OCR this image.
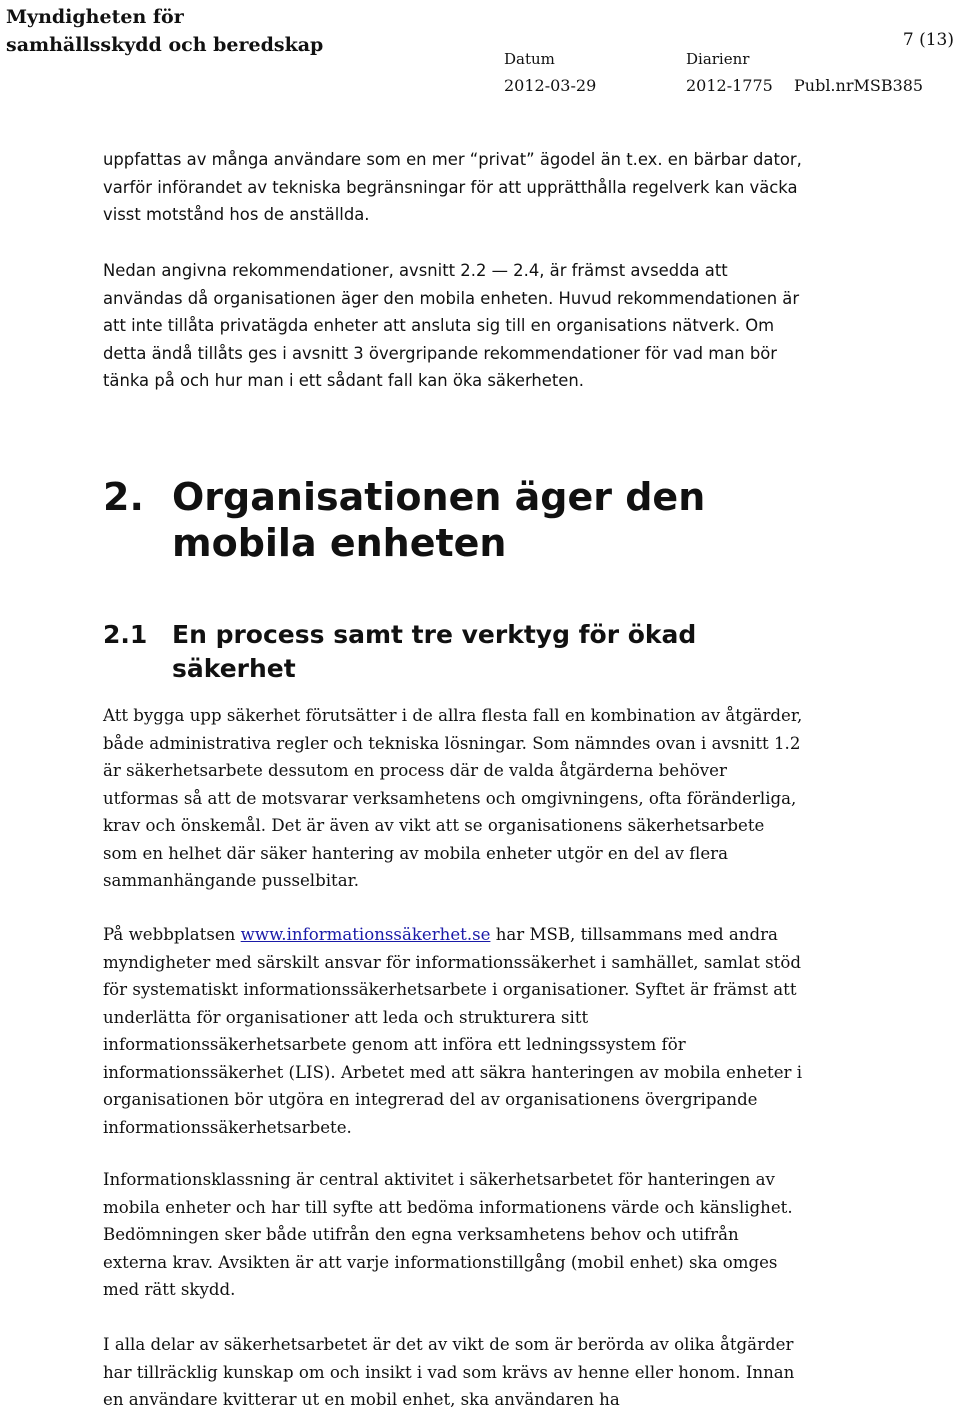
Myndigheten för samhällsskydd och beredskap	7 (13)
Datum
2012-03-29
Diarienr
2012-1775 Publ.nrMSB385

uppfattas av många användare som en mer “privat” ägodel än t.ex. en bärbar dator, varför införandet av tekniska begränsningar för att upprätthålla regelverk kan väcka visst motstånd hos de anställda.

Nedan angivna rekommendationer, avsnitt 2.2 — 2.4, är främst avsedda att användas då organisationen äger den mobila enheten. Huvud rekommendationen är att inte tillåta privatägda enheter att ansluta sig till en organisations nätverk. Om detta ändå tillåts ges i avsnitt 3 övergripande rekommendationer för vad man bör tänka på och hur man i ett sådant fall kan öka säkerheten.

2. Organisationen äger den mobila enheten
2.1 En process samt tre verktyg för ökad säkerhet

Att bygga upp säkerhet förutsätter i de allra flesta fall en kombination av åtgärder, både administrativa regler och tekniska lösningar. Som nämndes ovan i avsnitt 1.2 är säkerhetsarbete dessutom en process där de valda åtgärderna behöver utformas så att de motsvarar verksamhetens och omgivningens, ofta föränderliga, krav och önskemål. Det är även av vikt att se organisationens säkerhetsarbete som en helhet där säker hantering av mobila enheter utgör en del av flera sammanhängande pusselbitar.

På webbplatsen www.informationssäkerhet.se har MSB, tillsammans med andra myndigheter med särskilt ansvar för informationssäkerhet i samhället, samlat stöd för systematiskt informationssäkerhetsarbete i organisationer. Syftet är främst att underlätta för organisationer att leda och strukturera sitt informationssäkerhetsarbete genom att införa ett ledningssystem för informationssäkerhet (LIS). Arbetet med att säkra hanteringen av mobila enheter i organisationen bör utgöra en integrerad del av organisationens övergripande informationssäkerhetsarbete.

Informationsklassning är central aktivitet i säkerhetsarbetet för hanteringen av mobila enheter och har till syfte att bedöma informationens värde och känslighet. Bedömningen sker både utifrån den egna verksamhetens behov och utifrån externa krav. Avsikten är att varje informationstillgång (mobil enhet) ska omges med rätt skydd.

I alla delar av säkerhetsarbetet är det av vikt de som är berörda av olika åtgärder har tillräcklig kunskap om och insikt i vad som krävs av henne eller honom. Innan en användare kvitterar ut en mobil enhet, ska användaren ha
